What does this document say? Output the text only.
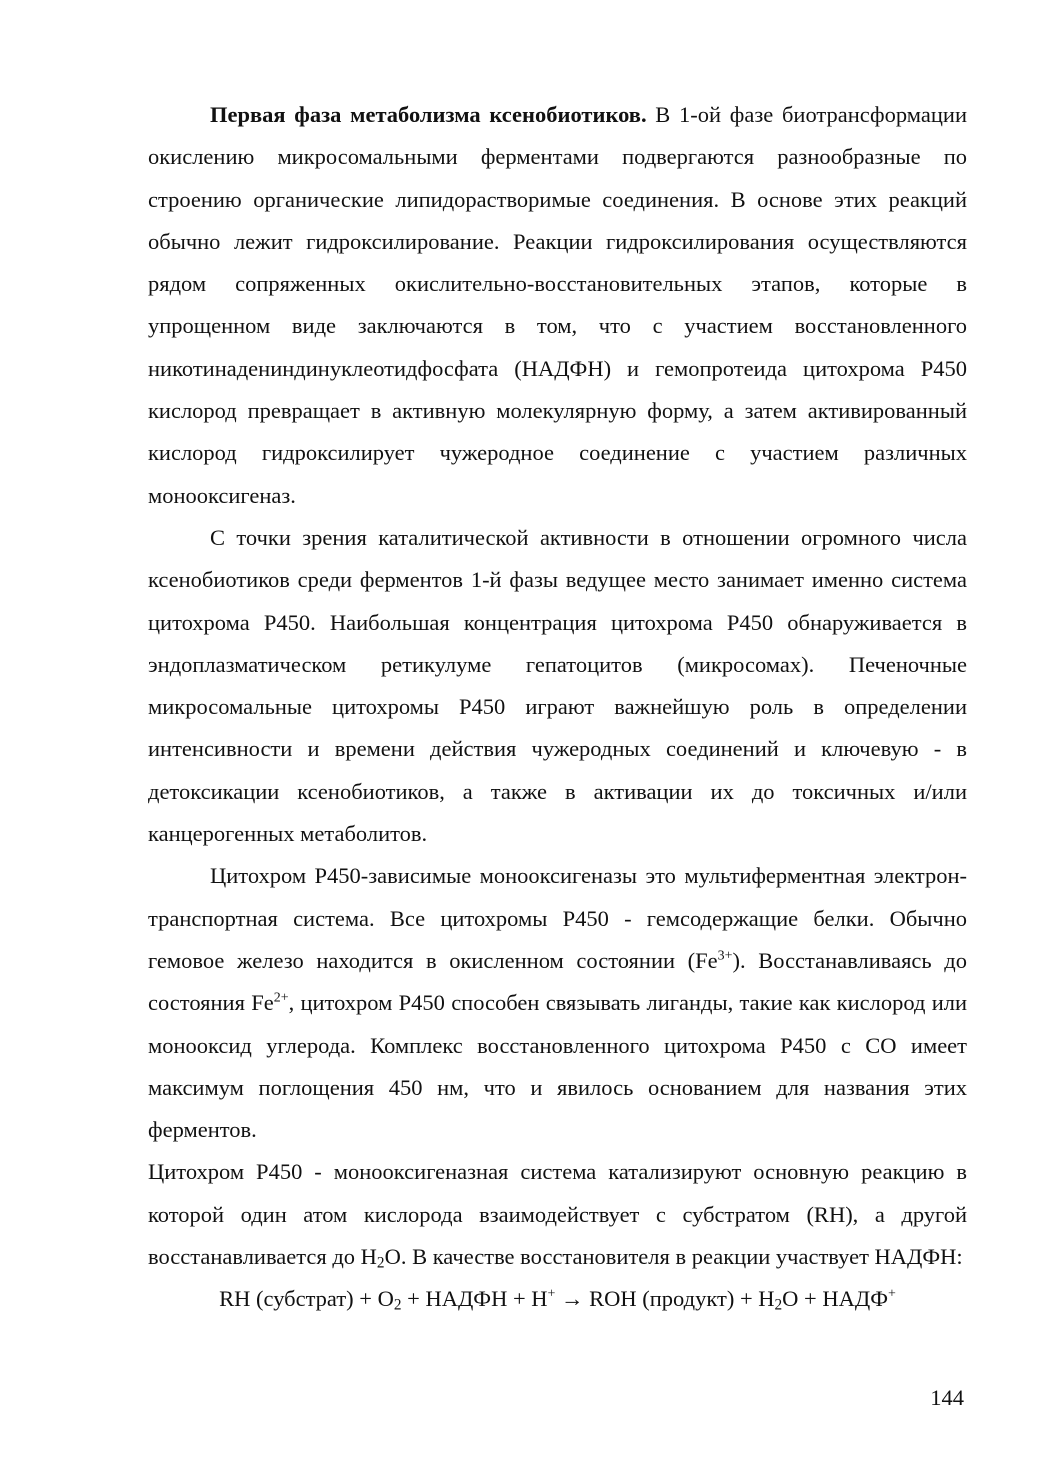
Первая фаза метаболизма ксенобиотиков. В 1-ой фазе биотрансформации окислению микросомальными ферментами подвергаются разнообразные по строению органические липидорастворимые соединения. В основе этих реакций обычно лежит гидроксилирование. Реакции гидроксилирования осуществляются рядом сопряженных окислительно-восстановительных этапов, которые в упрощенном виде заключаются в том, что с участием восстановленного никотинадениндинуклеотидфосфата (НАДФН) и гемопротеида цитохрома Р450 кислород превращает в активную молекулярную форму, а затем активированный кислород гидроксилирует чужеродное соединение с участием различных монооксигеназ.

С точки зрения каталитической активности в отношении огромного числа ксенобиотиков среди ферментов 1-й фазы ведущее место занимает именно система цитохрома Р450. Наибольшая концентрация цитохрома Р450 обнаруживается в эндоплазматическом ретикулуме гепатоцитов (микросомах). Печеночные микросомальные цитохромы Р450 играют важнейшую роль в определении интенсивности и времени действия чужеродных соединений и ключевую - в детоксикации ксенобиотиков, а также в активации их до токсичных и/или канцерогенных метаболитов.

Цитохром Р450-зависимые монооксигеназы это мультиферментная электрон-транспортная система. Все цитохромы Р450 - гемсодержащие белки. Обычно гемовое железо находится в окисленном состоянии $(Fe^{3+})$. Восстанавливаясь до состояния $Fe^{2+}$, цитохром Р450 способен связывать лиганды, такие как кислород или монооксид углерода. Комплекс восстановленного цитохрома Р450 с СО имеет максимум поглощения 450 нм, что и явилось основанием для названия этих ферментов.

Цитохром Р450 - монооксигеназная система катализируют основную реакцию в которой один атом кислорода взаимодействует с субстратом (RH), а другой восстанавливается до $H_2O$. В качестве восстановителя в реакции участвует НАДФН:

RH (субстрат) + $O_2$ + НАДФН + H+ → ROH (продукт) + $H_2O$ + НАДФ+

144
